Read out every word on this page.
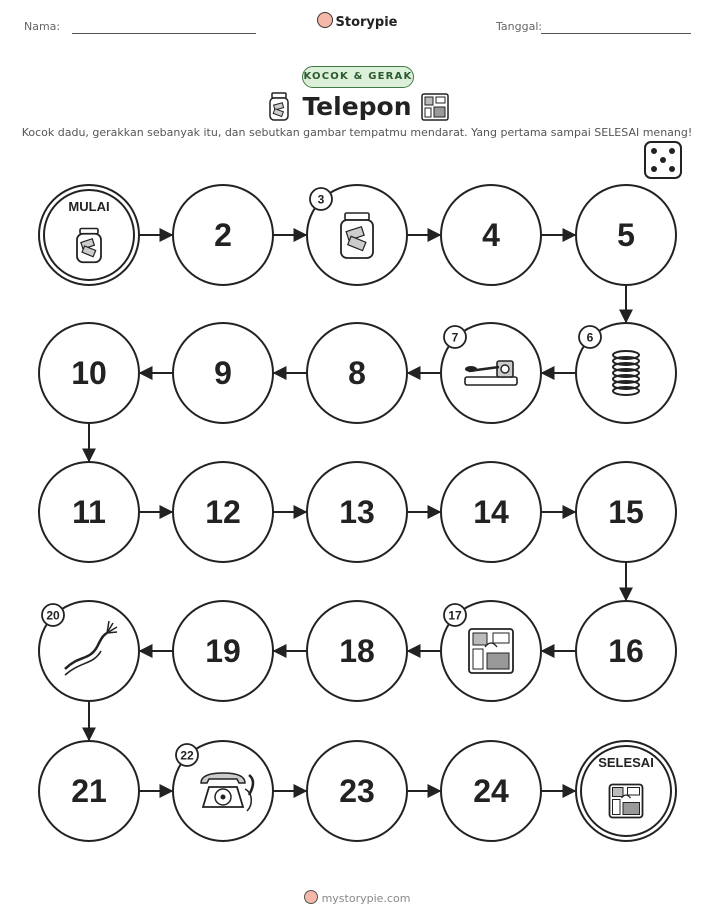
Nama:	Storypie	Tanggal:
KOCOK & GERAK
Telepon
Kocok dadu, gerakkan sebanyak itu, dan sebutkan gambar tempatmu mendarat. Yang pertama sampai SELESAI menang!
MULAI
2
3
4	5
6
7
8
9
10
11	12	13	14	15
16
17
18
19
20
21
22
23	24
SELESAI
mystorypie.com
